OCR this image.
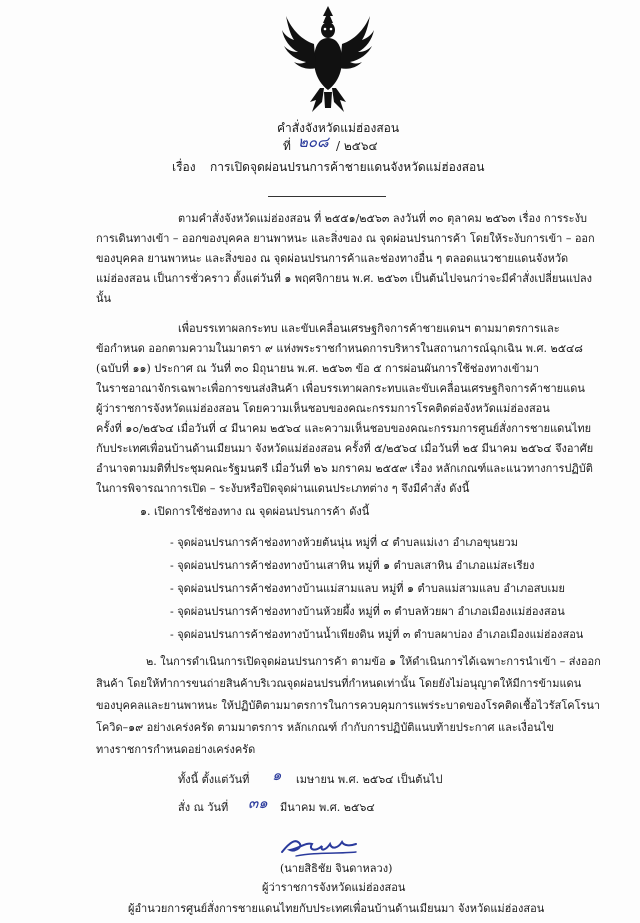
คำสั่งจังหวัดแม่ฮ่องสอน
ที่ ๒๐๘ / ๒๕๖๔
เรื่อง การเปิดจุดผ่อนปรนการค้าชายแดนจังหวัดแม่ฮ่องสอน
ตามคำสั่งจังหวัดแม่ฮ่องสอน ที่ ๒๕๕๑/๒๕๖๓ ลงวันที่ ๓๐ ตุลาคม ๒๕๖๓ เรื่อง การระงับ
การเดินทางเข้า – ออกของบุคคล ยานพาหนะ และสิ่งของ ณ จุดผ่อนปรนการค้า โดยให้ระงับการเข้า – ออก
ของบุคคล ยานพาหนะ และสิ่งของ ณ จุดผ่อนปรนการค้าและช่องทางอื่น ๆ ตลอดแนวชายแดนจังหวัด
แม่ฮ่องสอน เป็นการชั่วคราว ตั้งแต่วันที่ ๑ พฤศจิกายน พ.ศ. ๒๕๖๓ เป็นต้นไปจนกว่าจะมีคำสั่งเปลี่ยนแปลง
นั้น
เพื่อบรรเทาผลกระทบ และขับเคลื่อนเศรษฐกิจการค้าชายแดนฯ ตามมาตรการและ
ข้อกำหนด ออกตามความในมาตรา ๙ แห่งพระราชกำหนดการบริหารในสถานการณ์ฉุกเฉิน พ.ศ. ๒๕๔๘
(ฉบับที่ ๑๑) ประกาศ ณ วันที่ ๓๐ มิถุนายน พ.ศ. ๒๕๖๓ ข้อ ๕ การผ่อนผันการใช้ช่องทางเข้ามา
ในราชอาณาจักรเฉพาะเพื่อการขนส่งสินค้า เพื่อบรรเทาผลกระทบและขับเคลื่อนเศรษฐกิจการค้าชายแดน
ผู้ว่าราชการจังหวัดแม่ฮ่องสอน โดยความเห็นชอบของคณะกรรมการโรคติดต่อจังหวัดแม่ฮ่องสอน
ครั้งที่ ๑๐/๒๕๖๔ เมื่อวันที่ ๔ มีนาคม ๒๕๖๔ และความเห็นชอบของคณะกรรมการศูนย์สั่งการชายแดนไทย
กับประเทศเพื่อนบ้านด้านเมียนมา จังหวัดแม่ฮ่องสอน ครั้งที่ ๕/๒๕๖๔ เมื่อวันที่ ๒๕ มีนาคม ๒๕๖๔ จึงอาศัย
อำนาจตามมติที่ประชุมคณะรัฐมนตรี เมื่อวันที่ ๒๖ มกราคม ๒๕๕๙ เรื่อง หลักเกณฑ์และแนวทางการปฏิบัติ
ในการพิจารณาการเปิด – ระงับหรือปิดจุดผ่านแดนประเภทต่าง ๆ จึงมีคำสั่ง ดังนี้
๑. เปิดการใช้ช่องทาง ณ จุดผ่อนปรนการค้า ดังนี้
- จุดผ่อนปรนการค้าช่องทางห้วยต้นนุ่น หมู่ที่ ๔ ตำบลแม่เงา อำเภอขุนยวม
- จุดผ่อนปรนการค้าช่องทางบ้านเสาหิน หมู่ที่ ๑ ตำบลเสาหิน อำเภอแม่สะเรียง
- จุดผ่อนปรนการค้าช่องทางบ้านแม่สามแลบ หมู่ที่ ๑ ตำบลแม่สามแลบ อำเภอสบเมย
- จุดผ่อนปรนการค้าช่องทางบ้านห้วยผึ้ง หมู่ที่ ๓ ตำบลห้วยผา อำเภอเมืองแม่ฮ่องสอน
- จุดผ่อนปรนการค้าช่องทางบ้านน้ำเพียงดิน หมู่ที่ ๓ ตำบลผาบ่อง อำเภอเมืองแม่ฮ่องสอน
๒. ในการดำเนินการเปิดจุดผ่อนปรนการค้า ตามข้อ ๑ ให้ดำเนินการได้เฉพาะการนำเข้า – ส่งออก
สินค้า โดยให้ทำการขนถ่ายสินค้าบริเวณจุดผ่อนปรนที่กำหนดเท่านั้น โดยยังไม่อนุญาตให้มีการข้ามแดน
ของบุคคลและยานพาหนะ ให้ปฏิบัติตามมาตรการในการควบคุมการแพร่ระบาดของโรคติดเชื้อไวรัสโคโรนา
โควิด–๑๙ อย่างเคร่งครัด ตามมาตรการ หลักเกณฑ์ กำกับการปฏิบัติแนบท้ายประกาศ และเงื่อนไข
ทางราชการกำหนดอย่างเคร่งครัด
ทั้งนี้ ตั้งแต่วันที่ ๑ เมษายน พ.ศ. ๒๕๖๔ เป็นต้นไป
สั่ง ณ วันที่ ๓๑ มีนาคม พ.ศ. ๒๕๖๔
(นายสิธิชัย จินดาหลวง)
ผู้ว่าราชการจังหวัดแม่ฮ่องสอน
ผู้อำนวยการศูนย์สั่งการชายแดนไทยกับประเทศเพื่อนบ้านด้านเมียนมา จังหวัดแม่ฮ่องสอน
